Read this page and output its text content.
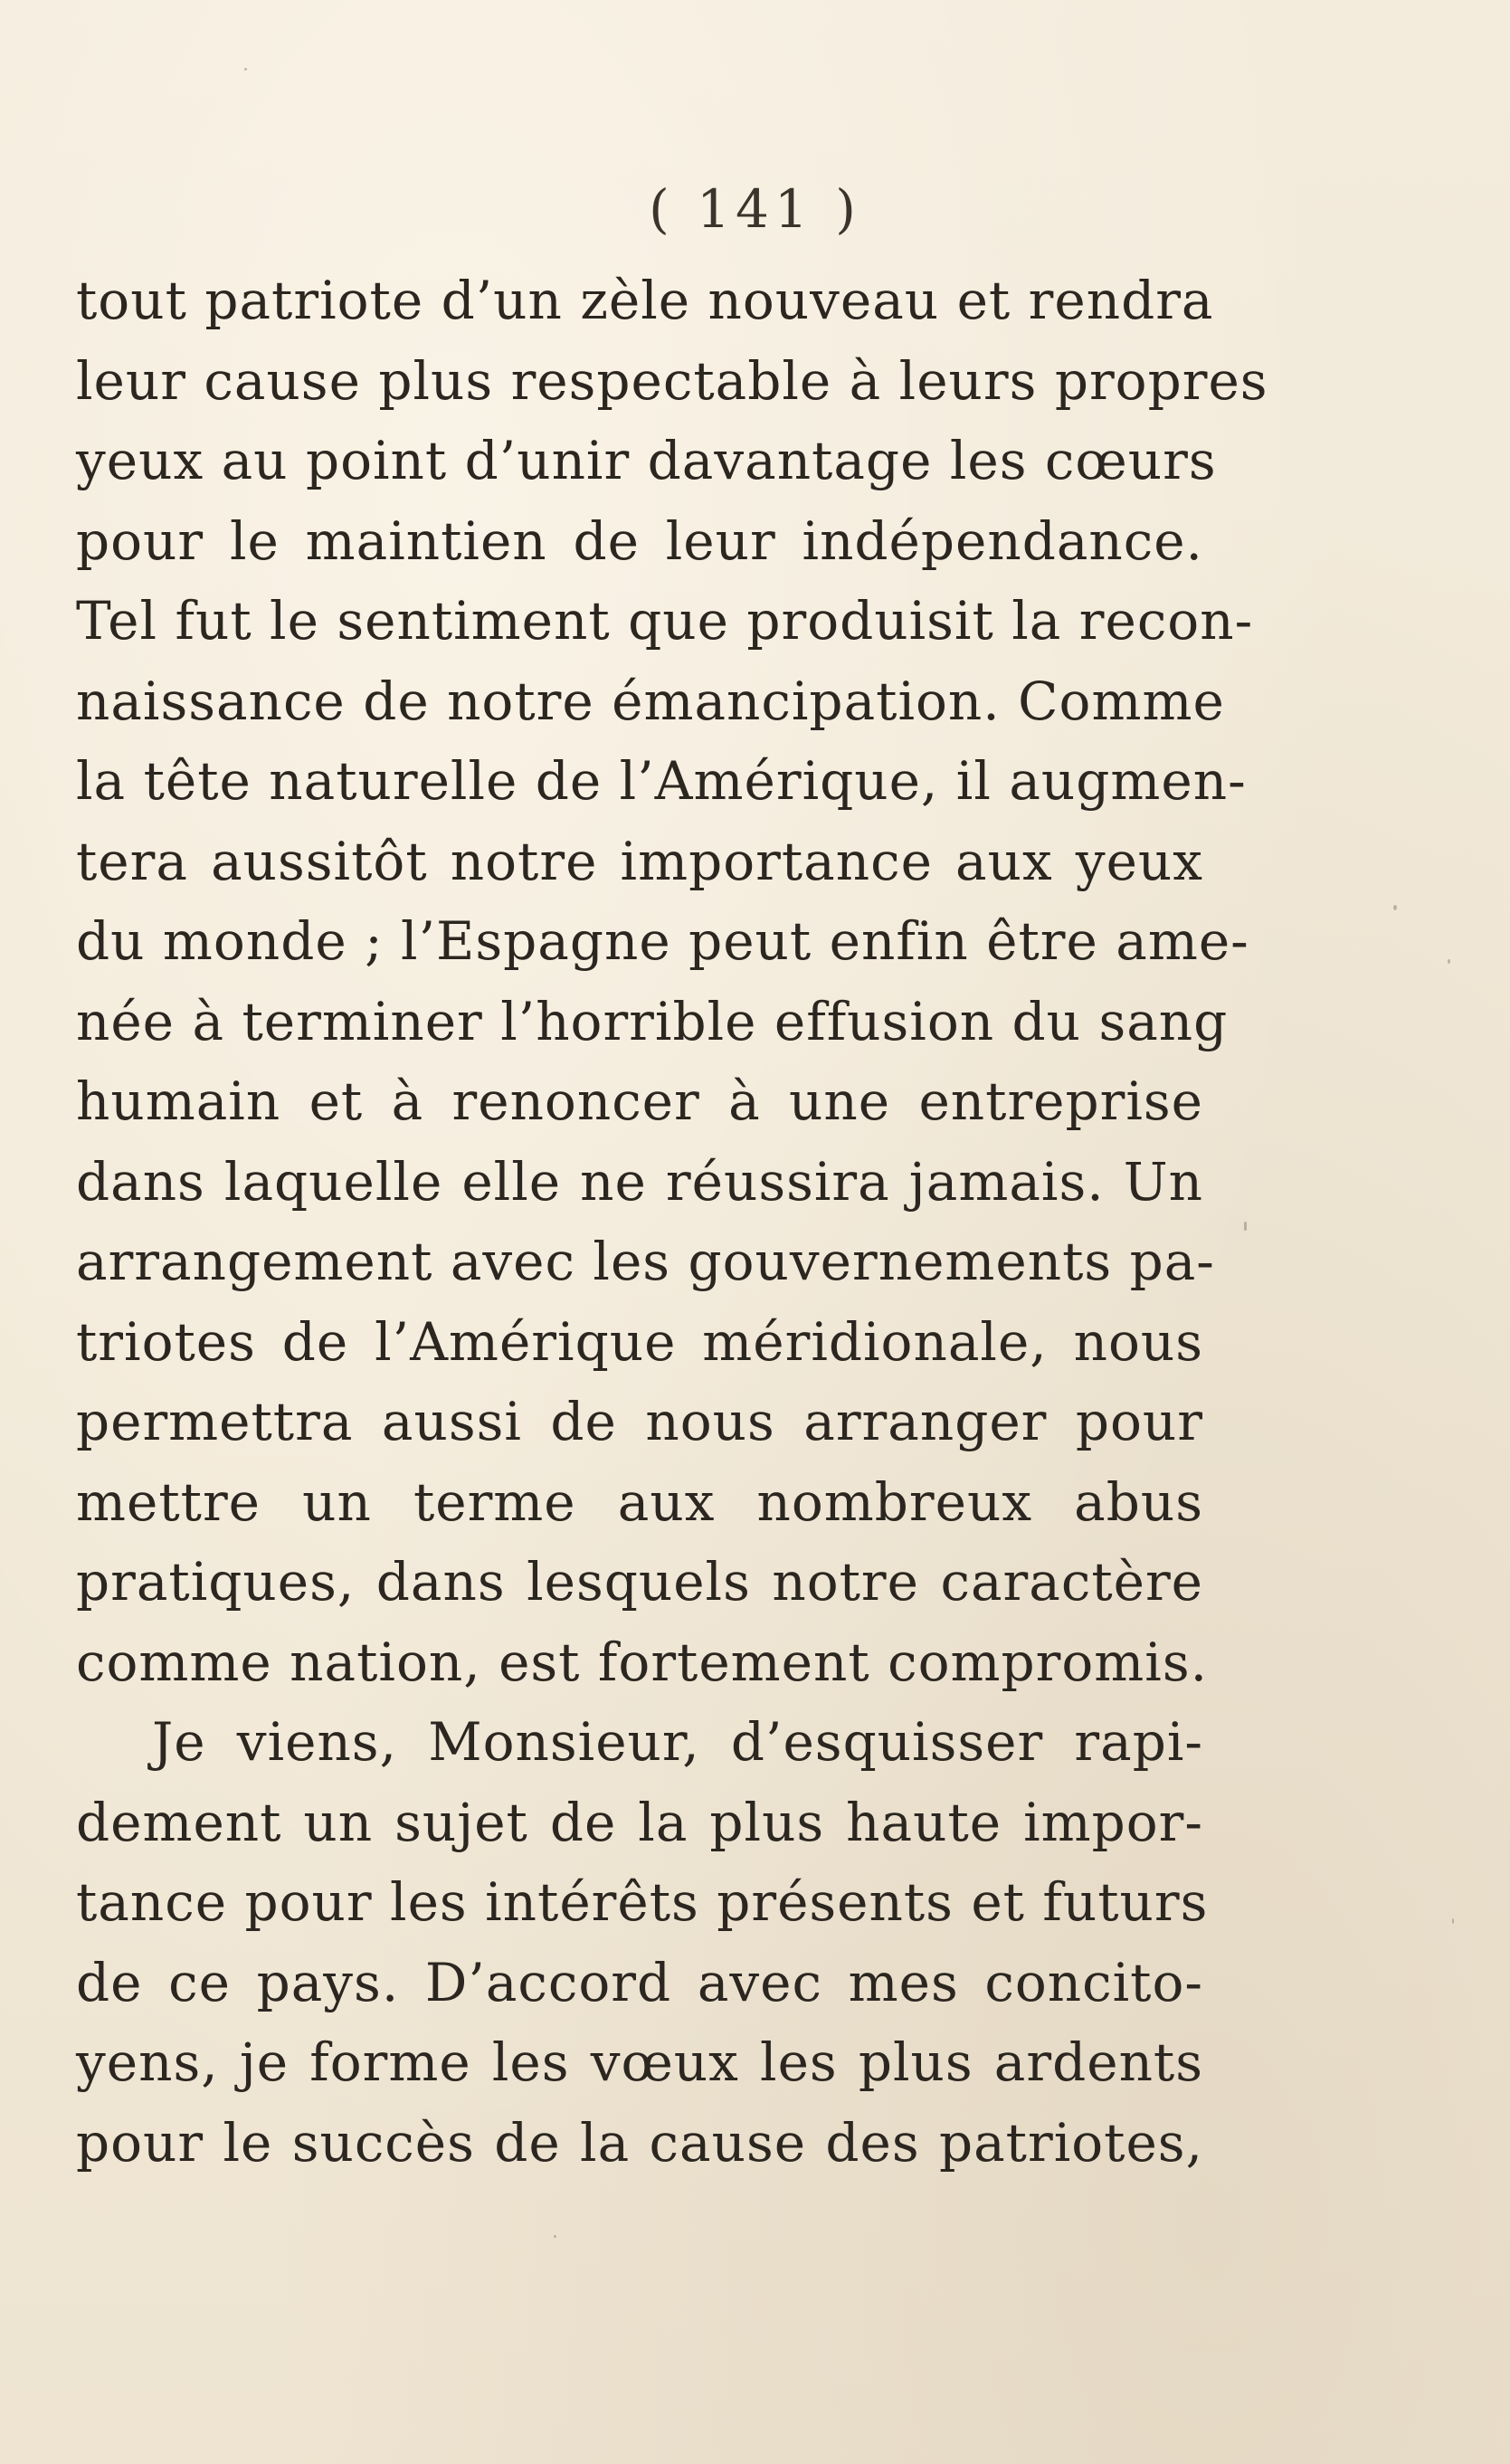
( 141 )
tout patriote d’un zèle nouveau et rendra
leur cause plus respectable à leurs propres
yeux au point d’unir davantage les cœurs
pour le maintien de leur indépendance.
Tel fut le sentiment que produisit la recon-
naissance de notre émancipation. Comme
la tête naturelle de l’Amérique, il augmen-
tera aussitôt notre importance aux yeux
du monde ; l’Espagne peut enfin être ame-
née à terminer l’horrible effusion du sang
humain et à renoncer à une entreprise
dans laquelle elle ne réussira jamais. Un
arrangement avec les gouvernements pa-
triotes de l’Amérique méridionale, nous
permettra aussi de nous arranger pour
mettre un terme aux nombreux abus
pratiques, dans lesquels notre caractère
comme nation, est fortement compromis.
Je viens, Monsieur, d’esquisser rapi-
dement un sujet de la plus haute impor-
tance pour les intérêts présents et futurs
de ce pays. D’accord avec mes concito-
yens, je forme les vœux les plus ardents
pour le succès de la cause des patriotes,
